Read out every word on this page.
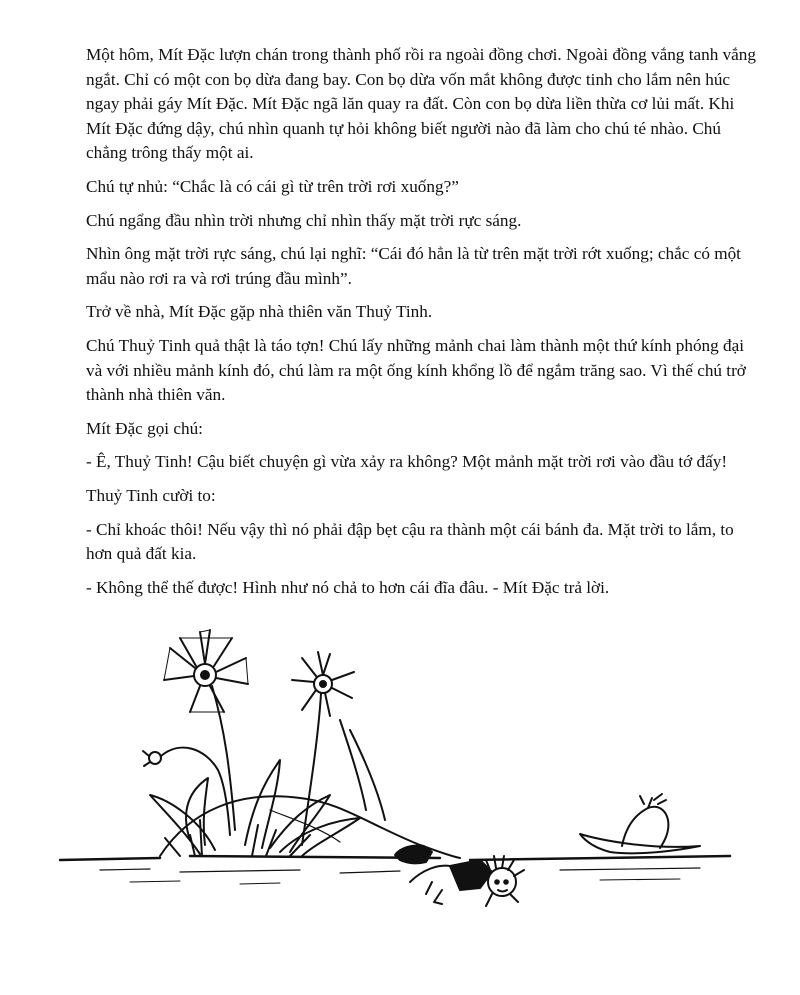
Một hôm, Mít Đặc lượn chán trong thành phố rồi ra ngoài đồng chơi. Ngoài đồng vắng tanh vắng ngắt. Chỉ có một con bọ dừa đang bay. Con bọ dừa vốn mắt không được tinh cho lắm nên húc ngay phải gáy Mít Đặc. Mít Đặc ngã lăn quay ra đất. Còn con bọ dừa liền thừa cơ lủi mất. Khi Mít Đặc đứng dậy, chú nhìn quanh tự hỏi không biết người nào đã làm cho chú té nhào. Chú chẳng trông thấy một ai.

Chú tự nhủ: “Chắc là có cái gì từ trên trời rơi xuống?”

Chú ngẩng đầu nhìn trời nhưng chỉ nhìn thấy mặt trời rực sáng.

Nhìn ông mặt trời rực sáng, chú lại nghĩ: “Cái đó hẳn là từ trên mặt trời rớt xuống; chắc có một mẩu nào rơi ra và rơi trúng đầu mình”.

Trở về nhà, Mít Đặc gặp nhà thiên văn Thuỷ Tinh.

Chú Thuỷ Tinh quả thật là táo tợn! Chú lấy những mảnh chai làm thành một thứ kính phóng đại và với nhiều mảnh kính đó, chú làm ra một ống kính khổng lồ để ngắm trăng sao. Vì thế chú trở thành nhà thiên văn.

Mít Đặc gọi chú:

- Ê, Thuỷ Tinh! Cậu biết chuyện gì vừa xảy ra không? Một mảnh mặt trời rơi vào đầu tớ đấy!

Thuỷ Tinh cười to:

- Chỉ khoác thôi! Nếu vậy thì nó phải đập bẹt cậu ra thành một cái bánh đa. Mặt trời to lắm, to hơn quả đất kia.

- Không thể thế được! Hình như nó chả to hơn cái đĩa đâu. - Mít Đặc trả lời.
